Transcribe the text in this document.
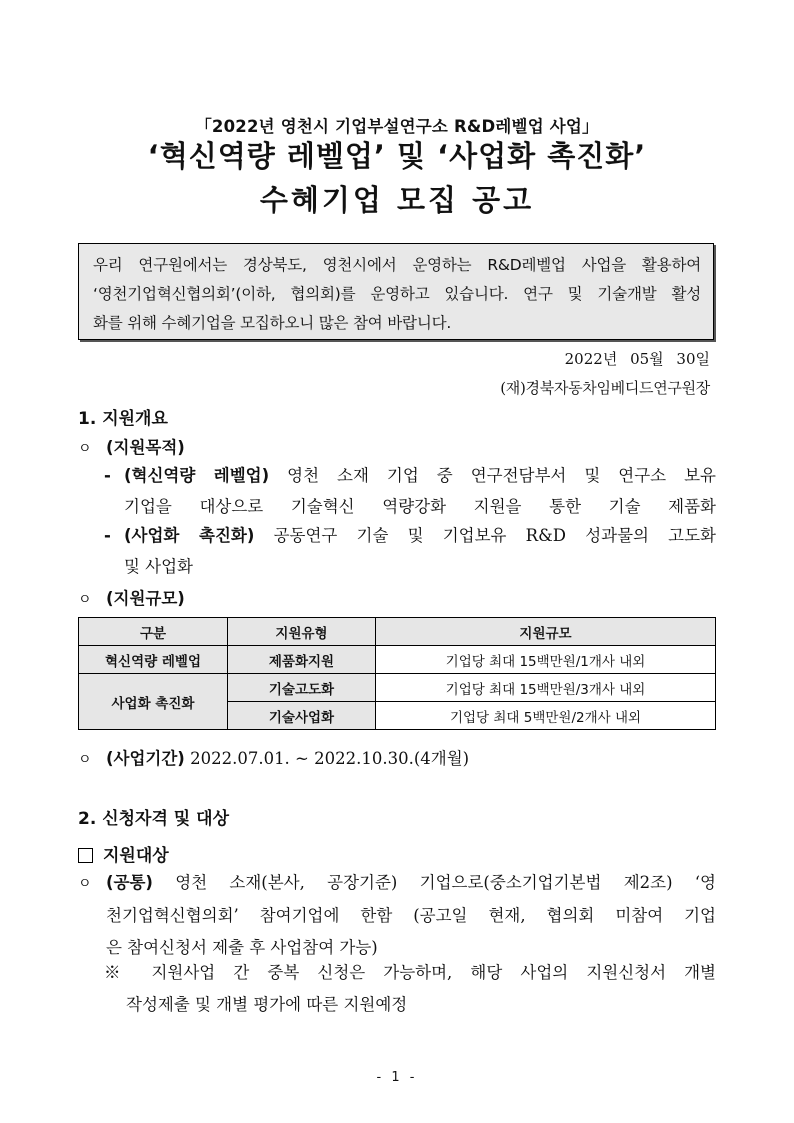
「2022년 영천시 기업부설연구소 R&D레벨업 사업」
‘혁신역량 레벨업’ 및 ‘사업화 촉진화’
수혜기업 모집 공고
우리 연구원에서는 경상북도, 영천시에서 운영하는 R&D레벨업 사업을 활용하여
‘영천기업혁신협의회’(이하, 협의회)를 운영하고 있습니다. 연구 및 기술개발 활성
화를 위해 수혜기업을 모집하오니 많은 참여 바랍니다.
2022년 05월 30일
(재)경북자동차임베디드연구원장
1. 지원개요
ㅇ (지원목적)
- (혁신역량 레벨업) 영천 소재 기업 중 연구전담부서 및 연구소 보유
기업을 대상으로 기술혁신 역량강화 지원을 통한 기술 제품화
- (사업화 촉진화) 공동연구 기술 및 기업보유 R&D 성과물의 고도화
및 사업화
ㅇ (지원규모)
구분	지원유형	지원규모
혁신역량 레벨업	제품화지원	기업당 최대 15백만원/1개사 내외
사업화 촉진화	기술고도화	기업당 최대 15백만원/3개사 내외
	기술사업화	기업당 최대 5백만원/2개사 내외
ㅇ (사업기간) 2022.07.01. ~ 2022.10.30.(4개월)
2. 신청자격 및 대상
지원대상
ㅇ (공통) 영천 소재(본사, 공장기준) 기업으로(중소기업기본법 제2조) ‘영
천기업혁신협의회’ 참여기업에 한함 (공고일 현재, 협의회 미참여 기업
은 참여신청서 제출 후 사업참여 가능)
※ 지원사업 간 중복 신청은 가능하며, 해당 사업의 지원신청서 개별
작성제출 및 개별 평가에 따른 지원예정
- 1 -
